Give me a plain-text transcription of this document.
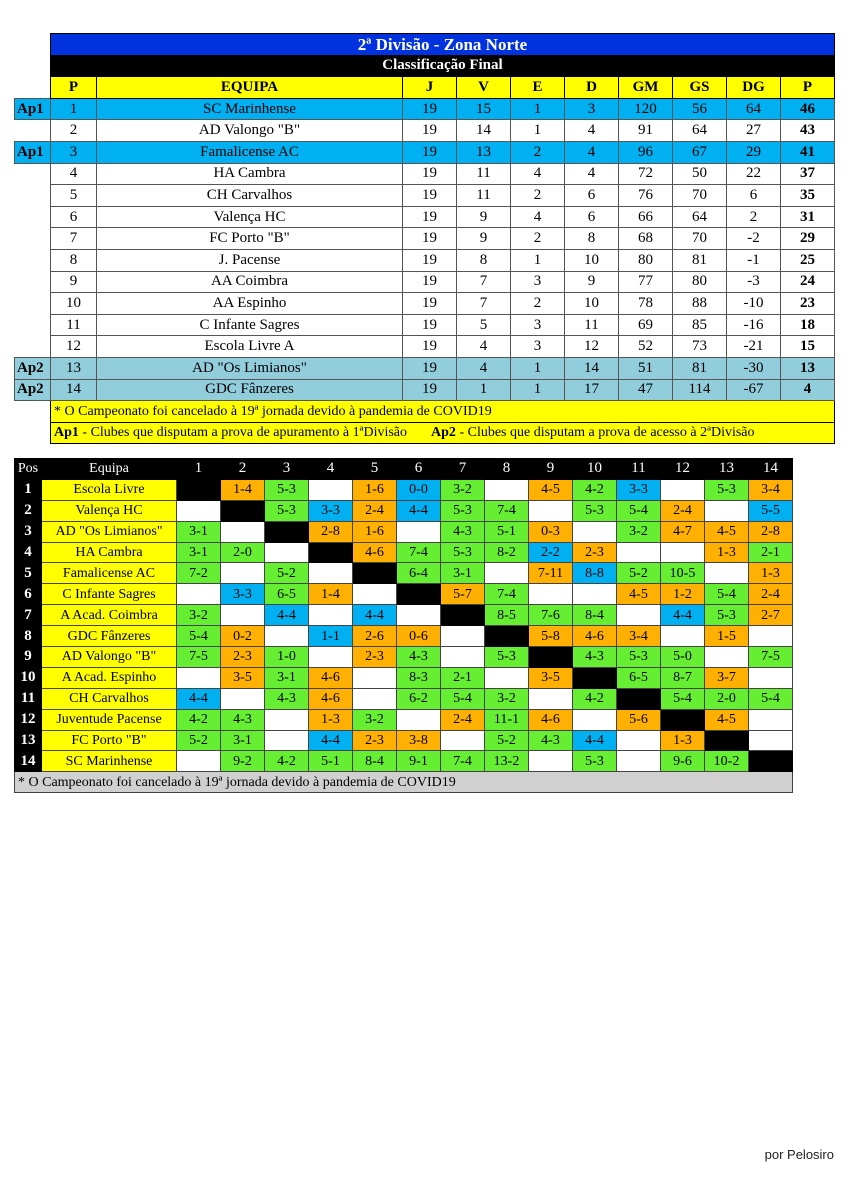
	2ª Divisão - Zona Norte									
	Classificação Final									
	P	EQUIPA	J	V	E	D	GM	GS	DG	P
Ap1	1	SC Marinhense	19	15	1	3	120	56	64	46
	2	AD Valongo "B"	19	14	1	4	91	64	27	43
Ap1	3	Famalicense AC	19	13	2	4	96	67	29	41
	4	HA Cambra	19	11	4	4	72	50	22	37
	5	CH Carvalhos	19	11	2	6	76	70	6	35
	6	Valença HC	19	9	4	6	66	64	2	31
	7	FC Porto "B"	19	9	2	8	68	70	-2	29
	8	J. Pacense	19	8	1	10	80	81	-1	25
	9	AA Coimbra	19	7	3	9	77	80	-3	24
	10	AA Espinho	19	7	2	10	78	88	-10	23
	11	C Infante Sagres	19	5	3	11	69	85	-16	18
	12	Escola Livre A	19	4	3	12	52	73	-21	15
Ap2	13	AD "Os Limianos"	19	4	1	14	51	81	-30	13
Ap2	14	GDC Fânzeres	19	1	1	17	47	114	-67	4
	* O Campeonato foi cancelado à 19ª jornada devido à pandemia de COVID19									
	Ap1 - Clubes que disputam a prova de apuramento à 1ªDivisão Ap2 - Clubes que disputam a prova de acesso à 2ªDivisão									
Pos	Equipa	1	2	3	4	5	6	7	8	9	10	11	12	13	14
1	Escola Livre		1-4	5-3		1-6	0-0	3-2		4-5	4-2	3-3		5-3	3-4
2	Valença HC			5-3	3-3	2-4	4-4	5-3	7-4		5-3	5-4	2-4		5-5
3	AD "Os Limianos"	3-1			2-8	1-6		4-3	5-1	0-3		3-2	4-7	4-5	2-8
4	HA Cambra	3-1	2-0			4-6	7-4	5-3	8-2	2-2	2-3			1-3	2-1
5	Famalicense AC	7-2		5-2			6-4	3-1		7-11	8-8	5-2	10-5		1-3
6	C Infante Sagres		3-3	6-5	1-4			5-7	7-4			4-5	1-2	5-4	2-4
7	A Acad. Coimbra	3-2		4-4		4-4			8-5	7-6	8-4		4-4	5-3	2-7
8	GDC Fânzeres	5-4	0-2		1-1	2-6	0-6			5-8	4-6	3-4		1-5	
9	AD Valongo "B"	7-5	2-3	1-0		2-3	4-3		5-3		4-3	5-3	5-0		7-5
10	A Acad. Espinho		3-5	3-1	4-6		8-3	2-1		3-5		6-5	8-7	3-7	
11	CH Carvalhos	4-4		4-3	4-6		6-2	5-4	3-2		4-2		5-4	2-0	5-4
12	Juventude Pacense	4-2	4-3		1-3	3-2		2-4	11-1	4-6		5-6		4-5	
13	FC Porto "B"	5-2	3-1		4-4	2-3	3-8		5-2	4-3	4-4		1-3		
14	SC Marinhense		9-2	4-2	5-1	8-4	9-1	7-4	13-2		5-3		9-6	10-2	
* O Campeonato foi cancelado à 19ª jornada devido à pandemia de COVID19															
por Pelosiro
